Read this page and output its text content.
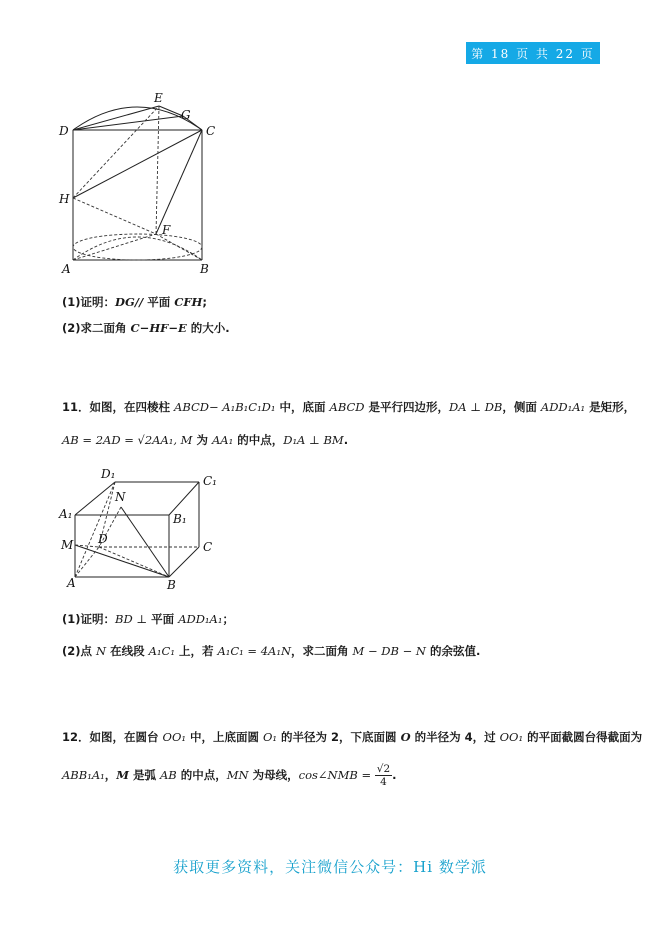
第 18 页 共 22 页
D
E
G
C
H
F
A	B
(1)证明：DG// 平面 CFH;
(2)求二面角 C−HF−E 的大小.
11．如图，在四棱柱 ABCD− A₁B₁C₁D₁ 中，底面 ABCD 是平行四边形，DA ⊥ DB，侧面 ADD₁A₁ 是矩形，
AB = 2AD = √2AA₁, M 为 AA₁ 的中点，D₁A ⊥ BM.
D₁	C₁
A₁
N
B₁
M D
C
A	B
(1)证明：BD ⊥ 平面 ADD₁A₁；
(2)点 N 在线段 A₁C₁ 上，若 A₁C₁ = 4A₁N，求二面角 M − DB − N 的余弦值.
12．如图，在圆台 OO₁ 中，上底面圆 O₁ 的半径为 2，下底面圆 O 的半径为 4，过 OO₁ 的平面截圆台得截面为
ABB₁A₁，M 是弧 AB 的中点，MN 为母线，cos∠NMB = $\frac{√2}{4}$ .
获取更多资料，关注微信公众号：Hi 数学派
